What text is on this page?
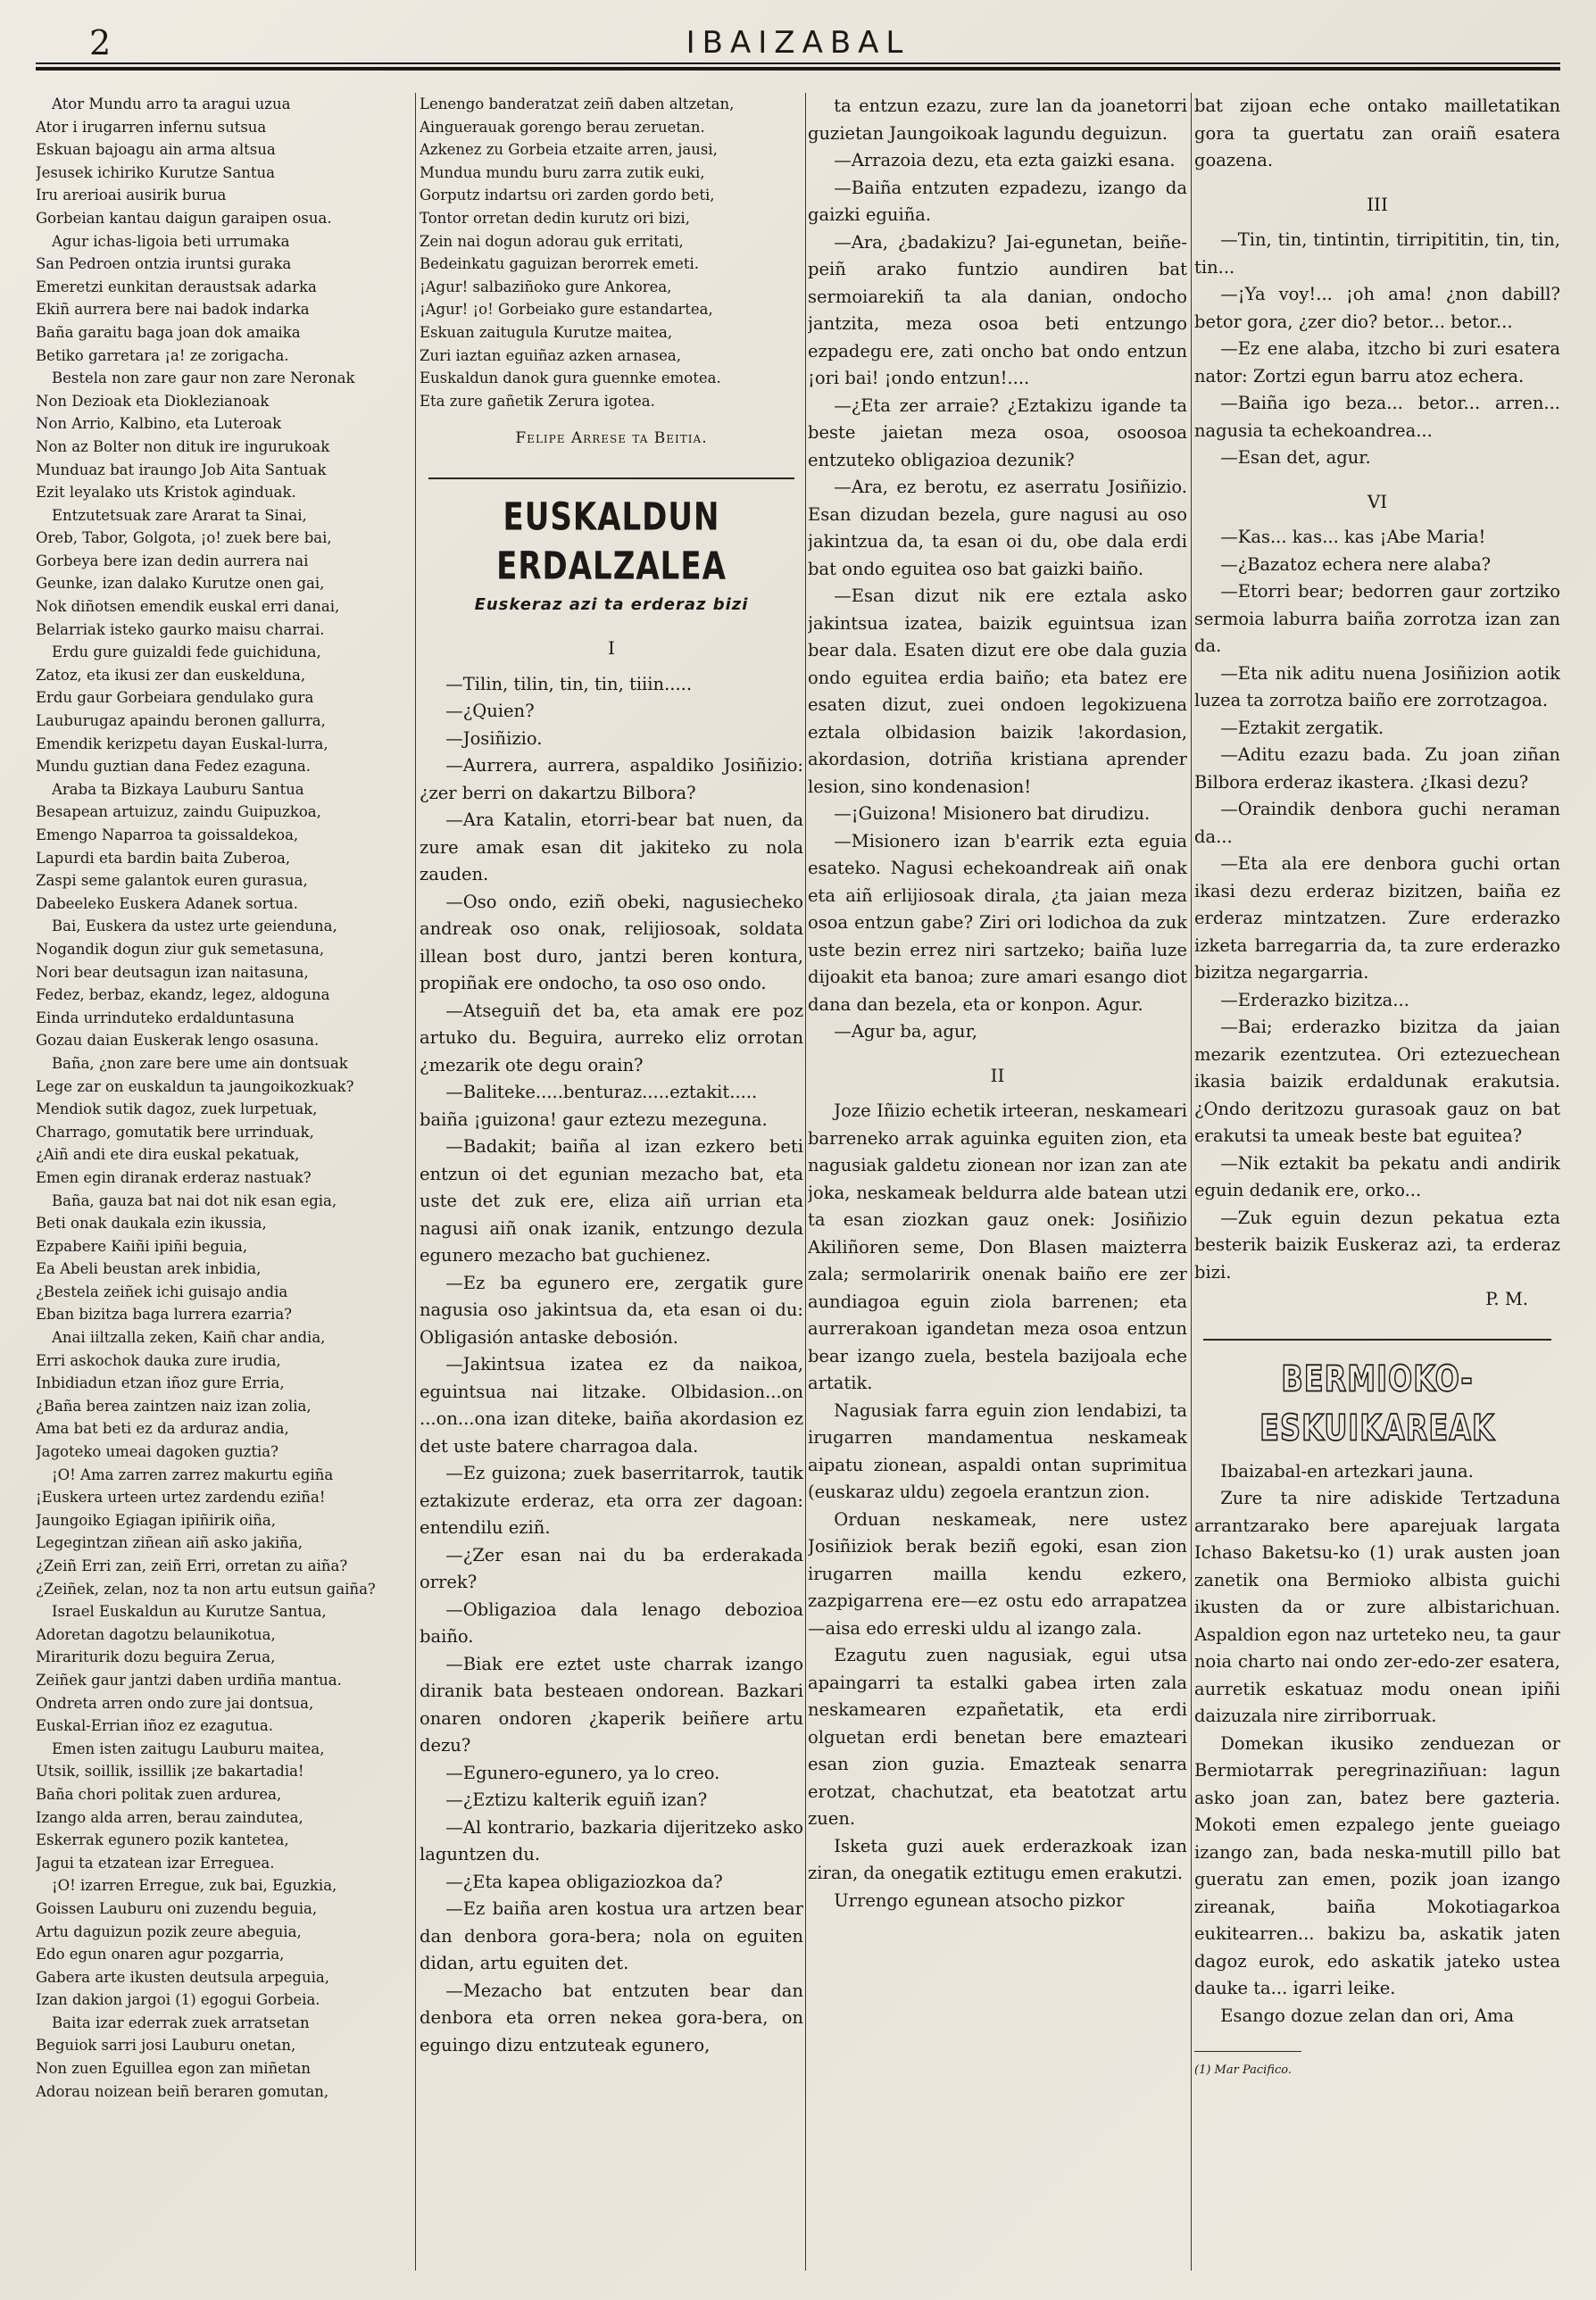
2	IBAIZABAL

Ator Mundu arro ta aragui uzua

Ator i irugarren infernu sutsua

Eskuan bajoagu ain arma altsua

Jesusek ichiriko Kurutze Santua

Iru arerioai ausirik burua

Gorbeian kantau daigun garaipen osua.

Agur ichas-ligoia beti urrumaka

San Pedroen ontzia iruntsi guraka

Emeretzi eunkitan deraustsak adarka

Ekiñ aurrera bere nai badok indarka

Baña garaitu baga joan dok amaika

Betiko garretara ¡a! ze zorigacha.

Bestela non zare gaur non zare Neronak

Non Dezioak eta Dioklezianoak

Non Arrio, Kalbino, eta Luteroak

Non az Bolter non dituk ire ingurukoak

Munduaz bat iraungo Job Aita Santuak

Ezit leyalako uts Kristok aginduak.

Entzutetsuak zare Ararat ta Sinai,

Oreb, Tabor, Golgota, ¡o! zuek bere bai,

Gorbeya bere izan dedin aurrera nai

Geunke, izan dalako Kurutze onen gai,

Nok diñotsen emendik euskal erri danai,

Belarriak isteko gaurko maisu charrai.

Erdu gure guizaldi fede guichiduna,

Zatoz, eta ikusi zer dan euskelduna,

Erdu gaur Gorbeiara gendulako gura

Lauburugaz apaindu beronen gallurra,

Emendik kerizpetu dayan Euskal-lurra,

Mundu guztian dana Fedez ezaguna.

Araba ta Bizkaya Lauburu Santua

Besapean artuizuz, zaindu Guipuzkoa,

Emengo Naparroa ta goissaldekoa,

Lapurdi eta bardin baita Zuberoa,

Zaspi seme galantok euren gurasua,

Dabeeleko Euskera Adanek sortua.

Bai, Euskera da ustez urte geienduna,

Nogandik dogun ziur guk semetasuna,

Nori bear deutsagun izan naitasuna,

Fedez, berbaz, ekandz, legez, aldoguna

Einda urrinduteko erdalduntasuna

Gozau daian Euskerak lengo osasuna.

Baña, ¿non zare bere ume ain dontsuak

Lege zar on euskaldun ta jaungoikozkuak?

Mendiok sutik dagoz, zuek lurpetuak,

Charrago, gomutatik bere urrinduak,

¿Aiñ andi ete dira euskal pekatuak,

Emen egin diranak erderaz nastuak?

Baña, gauza bat nai dot nik esan egia,

Beti onak daukala ezin ikussia,

Ezpabere Kaiñi ipiñi beguia,

Ea Abeli beustan arek inbidia,

¿Bestela zeiñek ichi guisajo andia

Eban bizitza baga lurrera ezarria?

Anai iiltzalla zeken, Kaiñ char andia,

Erri askochok dauka zure irudia,

Inbidiadun etzan iñoz gure Erria,

¿Baña berea zaintzen naiz izan zolia,

Ama bat beti ez da arduraz andia,

Jagoteko umeai dagoken guztia?

¡O! Ama zarren zarrez makurtu egiña

¡Euskera urteen urtez zardendu eziña!

Jaungoiko Egiagan ipiñirik oiña,

Legegintzan ziñean aiñ asko jakiña,

¿Zeiñ Erri zan, zeiñ Erri, orretan zu aiña?

¿Zeiñek, zelan, noz ta non artu eutsun gaiña?

Israel Euskaldun au Kurutze Santua,

Adoretan dagotzu belaunikotua,

Mirariturik dozu beguira Zerua,

Zeiñek gaur jantzi daben urdiña mantua.

Ondreta arren ondo zure jai dontsua,

Euskal-Errian iñoz ez ezagutua.

Emen isten zaitugu Lauburu maitea,

Utsik, soillik, issillik ¡ze bakartadia!

Baña chori politak zuen ardurea,

Izango alda arren, berau zaindutea,

Eskerrak egunero pozik kantetea,

Jagui ta etzatean izar Erreguea.

¡O! izarren Erregue, zuk bai, Eguzkia,

Goissen Lauburu oni zuzendu beguia,

Artu daguizun pozik zeure abeguia,

Edo egun onaren agur pozgarria,

Gabera arte ikusten deutsula arpeguia,

Izan dakion jargoi (1) egogui Gorbeia.

Baita izar ederrak zuek arratsetan

Beguiok sarri josi Lauburu onetan,

Non zuen Eguillea egon zan miñetan

Adorau noizean beiñ beraren gomutan,

Lenengo banderatzat zeiñ daben altzetan,

Ainguerauak gorengo berau zeruetan.

Azkenez zu Gorbeia etzaite arren, jausi,

Mundua mundu buru zarra zutik euki,

Gorputz indartsu ori zarden gordo beti,

Tontor orretan dedin kurutz ori bizi,

Zein nai dogun adorau guk erritati,

Bedeinkatu gaguizan berorrek emeti.

¡Agur! salbaziñoko gure Ankorea,

¡Agur! ¡o! Gorbeiako gure estandartea,

Eskuan zaitugula Kurutze maitea,

Zuri iaztan eguiñaz azken arnasea,

Euskaldun danok gura guennke emotea.

Eta zure gañetik Zerura igotea.

Felipe Arrese ta Beitia.

EUSKALDUN ERDALZALEA

Euskeraz azi ta erderaz bizi

I

—Tilin, tilin, tin, tin, tiiin.....

—¿Quien?

—Josiñizio.

—Aurrera, aurrera, aspaldiko Josiñizio: ¿zer berri on dakartzu Bilbora?

—Ara Katalin, etorri-bear bat nuen, da zure amak esan dit jakiteko zu nola zauden.

—Oso ondo, eziñ obeki, nagusiecheko andreak oso onak, relijiosoak, soldata illean bost duro, jantzi beren kontura, propiñak ere ondocho, ta oso oso ondo.

—Atseguiñ det ba, eta amak ere poz artuko du. Beguira, aurreko eliz orrotan ¿mezarik ote degu orain?

—Baliteke.....benturaz.....eztakit..... baiña ¡guizona! gaur eztezu mezeguna.

—Badakit; baiña al izan ezkero beti entzun oi det egunian mezacho bat, eta uste det zuk ere, eliza aiñ urrian eta nagusi aiñ onak izanik, entzungo dezula egunero mezacho bat guchienez.

—Ez ba egunero ere, zergatik gure nagusia oso jakintsua da, eta esan oi du: Obligasión antaske debosión.

—Jakintsua izatea ez da naikoa, eguintsua nai litzake. Olbidasion...on ...on...ona izan diteke, baiña akordasion ez det uste batere charragoa dala.

—Ez guizona; zuek baserritarrok, tautik eztakizute erderaz, eta orra zer dagoan: entendilu eziñ.

—¿Zer esan nai du ba erderakada orrek?

—Obligazioa dala lenago debozioa baiño.

—Biak ere eztet uste charrak izango diranik bata besteaen ondorean. Bazkari onaren ondoren ¿kaperik beiñere artu dezu?

—Egunero-egunero, ya lo creo.

—¿Eztizu kalterik eguiñ izan?

—Al kontrario, bazkaria dijeritzeko asko laguntzen du.

—¿Eta kapea obligaziozkoa da?

—Ez baiña aren kostua ura artzen bear dan denbora gora-bera; nola on eguiten didan, artu eguiten det.

—Mezacho bat entzuten bear dan denbora eta orren nekea gora-bera, on eguingo dizu entzuteak egunero,

ta entzun ezazu, zure lan da joanetorri guzietan Jaungoikoak lagundu deguizun.

—Arrazoia dezu, eta ezta gaizki esana.

—Baiña entzuten ezpadezu, izango da gaizki eguiña.

—Ara, ¿badakizu? Jai-egunetan, beiñe-peiñ arako funtzio aundiren bat sermoiarekiñ ta ala danian, ondocho jantzita, meza osoa beti entzungo ezpadegu ere, zati oncho bat ondo entzun ¡ori bai! ¡ondo entzun!....

—¿Eta zer arraie? ¿Eztakizu igande ta beste jaietan meza osoa, osoosoa entzuteko obligazioa dezunik?

—Ara, ez berotu, ez aserratu Josiñizio. Esan dizudan bezela, gure nagusi au oso jakintzua da, ta esan oi du, obe dala erdi bat ondo eguitea oso bat gaizki baiño.

—Esan dizut nik ere eztala asko jakintsua izatea, baizik eguintsua izan bear dala. Esaten dizut ere obe dala guzia ondo eguitea erdia baiño; eta batez ere esaten dizut, zuei ondoen legokizuena eztala olbidasion baizik !akordasion, akordasion, dotriña kristiana aprender lesion, sino kondenasion!

—¡Guizona! Misionero bat dirudizu.

—Misionero izan b'earrik ezta eguia esateko. Nagusi echekoandreak aiñ onak eta aiñ erlijiosoak dirala, ¿ta jaian meza osoa entzun gabe? Ziri ori lodichoa da zuk uste bezin errez niri sartzeko; baiña luze dijoakit eta banoa; zure amari esango diot dana dan bezela, eta or konpon. Agur.

—Agur ba, agur,

II

Joze Iñizio echetik irteeran, neskameari barreneko arrak aguinka eguiten zion, eta nagusiak galdetu zionean nor izan zan ate joka, neskameak beldurra alde batean utzi ta esan ziozkan gauz onek: Josiñizio Akiliñoren seme, Don Blasen maizterra zala; sermolaririk onenak baiño ere zer aundiagoa eguin ziola barrenen; eta aurrerakoan igandetan meza osoa entzun bear izango zuela, bestela bazijoala eche artatik.

Nagusiak farra eguin zion lendabizi, ta irugarren mandamentua neskameak aipatu zionean, aspaldi ontan suprimitua (euskaraz uldu) zegoela erantzun zion.

Orduan neskameak, nere ustez Josiñiziok berak beziñ egoki, esan zion irugarren mailla kendu ezkero, zazpigarrena ere—ez ostu edo arrapatzea—aisa edo erreski uldu al izango zala.

Ezagutu zuen nagusiak, egui utsa apaingarri ta estalki gabea irten zala neskamearen ezpañetatik, eta erdi olguetan erdi benetan bere emazteari esan zion guzia. Emazteak senarra erotzat, chachutzat, eta beatotzat artu zuen.

Isketa guzi auek erderazkoak izan ziran, da onegatik eztitugu emen erakutzi.

Urrengo egunean atsocho pizkor

bat zijoan eche ontako mailletatikan gora ta guertatu zan oraiñ esatera goazena.

III

—Tin, tin, tintintin, tirripititin, tin, tin, tin...

—¡Ya voy!... ¡oh ama! ¿non dabill? betor gora, ¿zer dio? betor... betor...

—Ez ene alaba, itzcho bi zuri esatera nator: Zortzi egun barru atoz echera.

—Baiña igo beza... betor... arren... nagusia ta echekoandrea...

—Esan det, agur.

VI

—Kas... kas... kas ¡Abe Maria!

—¿Bazatoz echera nere alaba?

—Etorri bear; bedorren gaur zortziko sermoia laburra baiña zorrotza izan zan da.

—Eta nik aditu nuena Josiñizion aotik luzea ta zorrotza baiño ere zorrotzagoa.

—Eztakit zergatik.

—Aditu ezazu bada. Zu joan ziñan Bilbora erderaz ikastera. ¿Ikasi dezu?

—Oraindik denbora guchi neraman da...

—Eta ala ere denbora guchi ortan ikasi dezu erderaz bizitzen, baiña ez erderaz mintzatzen. Zure erderazko izketa barregarria da, ta zure erderazko bizitza negargarria.

—Erderazko bizitza...

—Bai; erderazko bizitza da jaian mezarik ezentzutea. Ori eztezuechean ikasia baizik erdaldunak erakutsia. ¿Ondo deritzozu gurasoak gauz on bat erakutsi ta umeak beste bat eguitea?

—Nik eztakit ba pekatu andi andirik eguin dedanik ere, orko...

—Zuk eguin dezun pekatua ezta besterik baizik Euskeraz azi, ta erderaz bizi.

P. M.

BERMIOKO-ESKUIKAREAK

Ibaizabal-en artezkari jauna.

Zure ta nire adiskide Tertzaduna arrantzarako bere aparejuak largata Ichaso Baketsu-ko (1) urak austen joan zanetik ona Bermioko albista guichi ikusten da or zure albistarichuan. Aspaldion egon naz urteteko neu, ta gaur noia charto nai ondo zer-edo-zer esatera, aurretik eskatuaz modu onean ipiñi daizuzala nire zirriborruak.

Domekan ikusiko zenduezan or Bermiotarrak peregrinaziñuan: lagun asko joan zan, batez bere gazteria. Mokoti emen ezpalego jente gueiago izango zan, bada neska-mutill pillo bat gueratu zan emen, pozik joan izango zireanak, baiña Mokotiagarkoa eukitearren... bakizu ba, askatik jaten dagoz eurok, edo askatik jateko ustea dauke ta... igarri leike.

Esango dozue zelan dan ori, Ama

(1) Mar Pacifico.
